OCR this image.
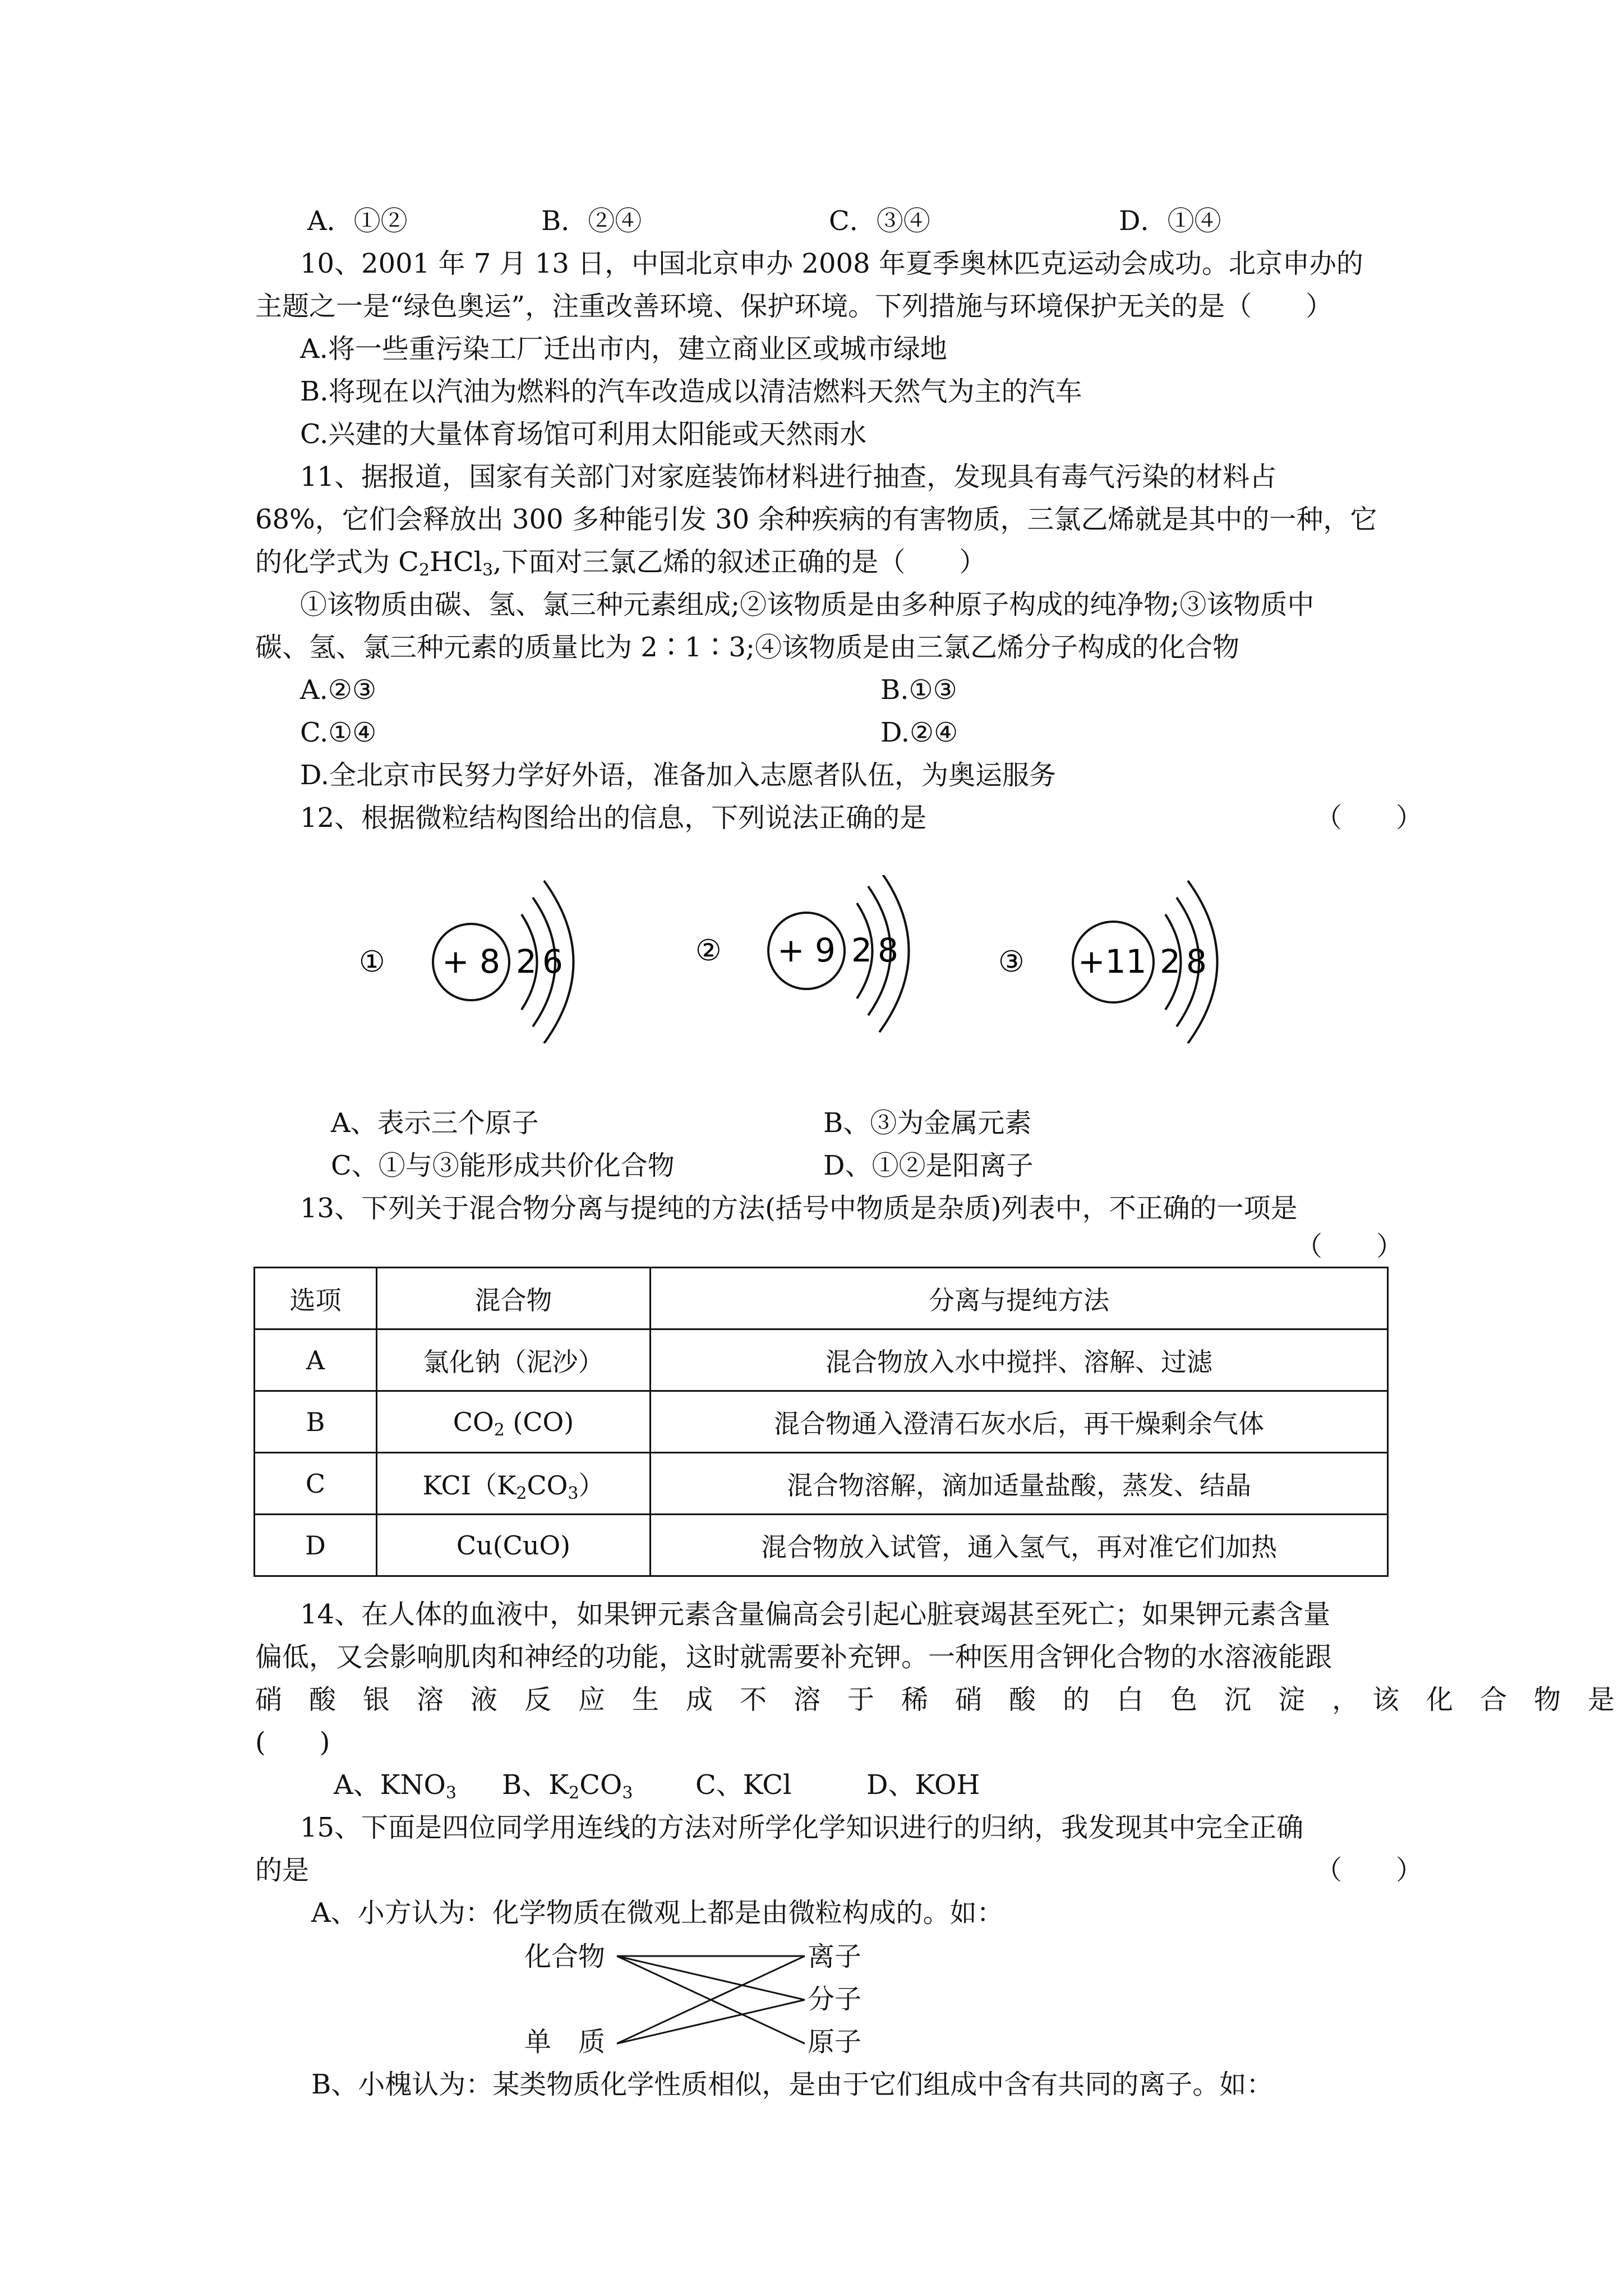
A．①②	B．②④	C．③④	D．①④
10、2001 年 7 月 13 日，中国北京申办 2008 年夏季奥林匹克运动会成功。北京申办的
主题之一是“绿色奥运”，注重改善环境、保护环境。下列措施与环境保护无关的是（　　）
A.将一些重污染工厂迁出市内，建立商业区或城市绿地
B.将现在以汽油为燃料的汽车改造成以清洁燃料天然气为主的汽车
C.兴建的大量体育场馆可利用太阳能或天然雨水
11、据报道，国家有关部门对家庭装饰材料进行抽查，发现具有毒气污染的材料占
68%，它们会释放出 300 多种能引发 30 余种疾病的有害物质，三氯乙烯就是其中的一种，它
的化学式为 $C_2HCl_3$,下面对三氯乙烯的叙述正确的是（　　）
①该物质由碳、氢、氯三种元素组成;②该物质是由多种原子构成的纯净物;③该物质中
碳、氢、氯三种元素的质量比为 2∶1∶3;④该物质是由三氯乙烯分子构成的化合物
A.②③	B.①③
C.①④	D.②④
D.全北京市民努力学好外语，准备加入志愿者队伍，为奥运服务
12、根据微粒结构图给出的信息，下列说法正确的是	（　　）
① + 8 2 6	② + 9 2 8	③ +11 2 8
A、表示三个原子	B、③为金属元素
C、①与③能形成共价化合物	D、①②是阳离子
13、下列关于混合物分离与提纯的方法(括号中物质是杂质)列表中，不正确的一项是
（　　）
选项	混合物	分离与提纯方法
A	氯化钠（泥沙）	混合物放入水中搅拌、溶解、过滤
B	$CO_2$ (CO)	混合物通入澄清石灰水后，再干燥剩余气体
C	$KCI(K_2CO_3)$	混合物溶解，滴加适量盐酸，蒸发、结晶
D	Cu(CuO)	混合物放入试管，通入氢气，再对准它们加热
14、在人体的血液中，如果钾元素含量偏高会引起心脏衰竭甚至死亡；如果钾元素含量
偏低，又会影响肌肉和神经的功能，这时就需要补充钾。一种医用含钾化合物的水溶液能跟
硝　酸　银　溶　液　反　应　生　成　不　溶　于　稀　硝　酸　的　白　色　沉　淀　，　该　化　合　物　是
(　　)
A、$KNO_3$ B、$K_2CO_3$ C、KCl	D、KOH
15、下面是四位同学用连线的方法对所学化学知识进行的归纳，我发现其中完全正确
的是	（　　）
A、小方认为：化学物质在微观上都是由微粒构成的。如：
化合物
单　质
离子
分子
原子
B、小槐认为：某类物质化学性质相似，是由于它们组成中含有共同的离子。如：
